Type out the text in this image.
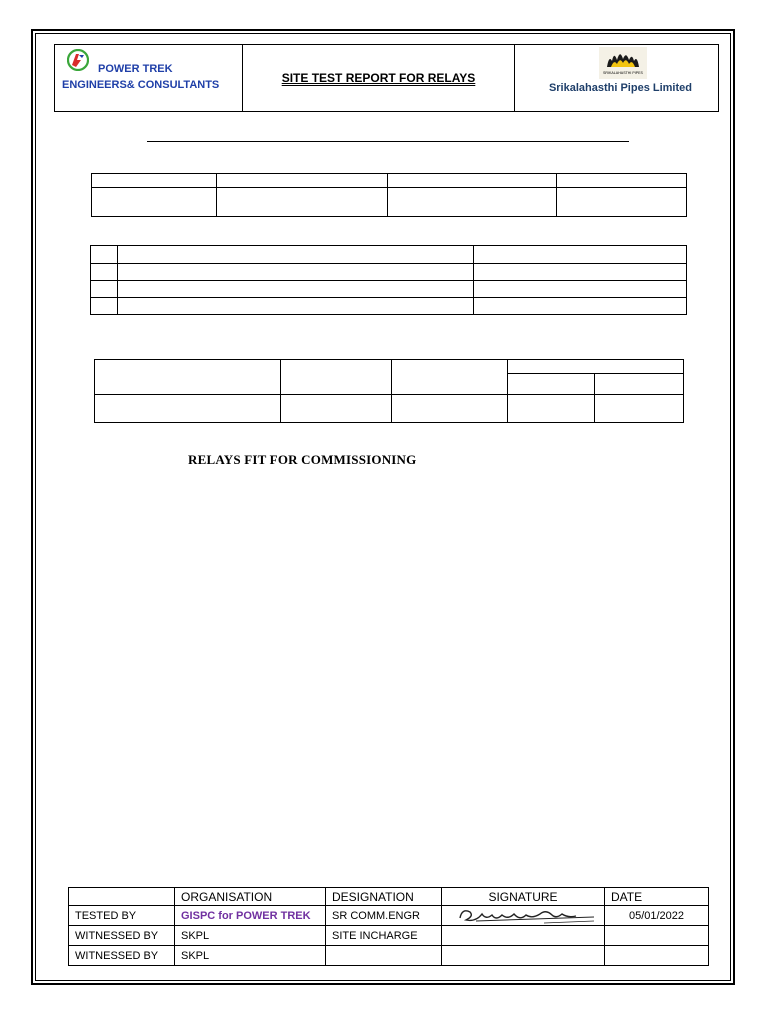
POWER TREK
ENGINEERS& CONSULTANTS	SITE TEST REPORT FOR RELAYS	SRIKALAHASTHI PIPES
Srikalahasthi Pipes Limited

RELAYS FIT FOR COMMISSIONING
	ORGANISATION	DESIGNATION	SIGNATURE	DATE
TESTED BY	GISPC for POWER TREK	SR COMM.ENGR		05/01/2022
WITNESSED BY	SKPL	SITE INCHARGE		
WITNESSED BY	SKPL			
